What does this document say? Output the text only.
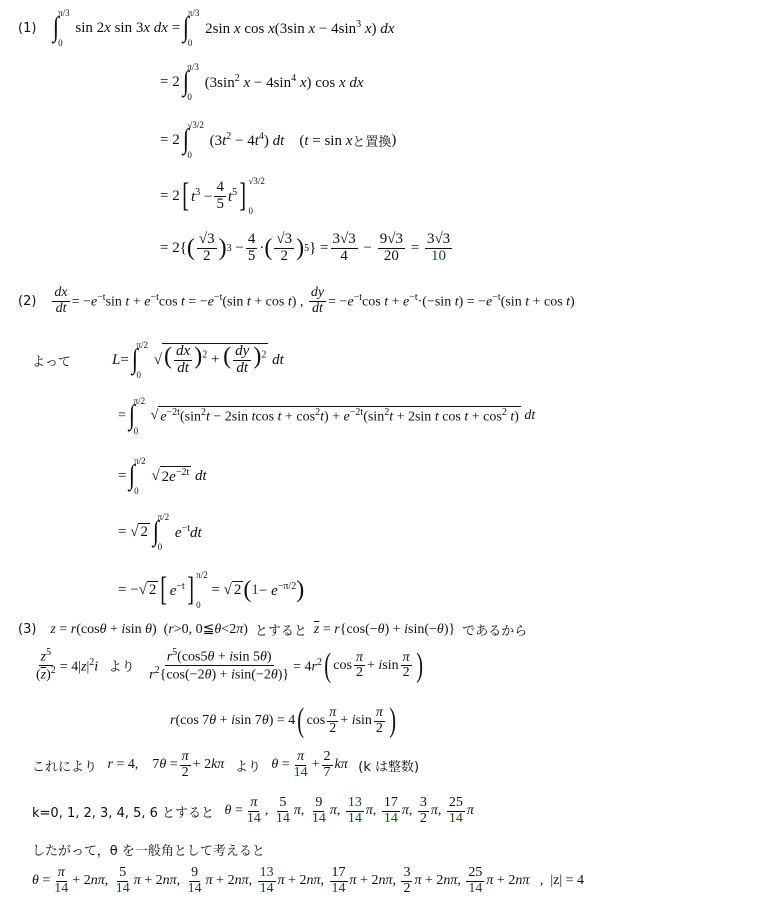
(1) ∫
π/3
0
sin 2x sin 3x dx = ∫
π/3
0
2sin x cos x(3sin $x - 4\sin^3$ x) dx
= 2 ∫
π/3
0
($3\sin^2$ $x - 4\sin^4$ x) cos x dx
= 2 ∫
√3/2
0
$(3t^2 - 4t^4)$ dt    (t = sin x と置換 )
= 2 [ $t^3 - \frac{4}{5} t^5$ ] √3/2
0
= 2{ ( $\frac{√3}{2}$ ) $3 - \frac{4}{5}$ · ( $\frac{√3}{2}$ ) 5 } = $\frac{3√3}{4} - \frac{9√3}{20} = \frac{3√3}{10}$
$(2) \frac{dx}{dt} = -e^{-t}\sin$ $t + e^{-t}\cos$ $t = -e^{-t}(\sin$ t + cos t) , $\frac{dy}{dt} = -e^{-t}\cos$ $t + e^{-t}\cdot(-\sin$ $t) = -e^{-t}(\sin$ t + cos t)
よって	L = ∫
π/2
0
√ ( $\frac{dx}{dt} )^2$ + ( $\frac{dy}{dt} )^2$ dt
= ∫
π/2
0
√ $e^{-2t}(\sin^2t - 2\sin$ tcos $t + \cos^2t) + e^{-2t}(\sin^2t + 2\sin$ t $\cos t + \cos^2 t$) dt
= ∫
π/2
0
√ $2e^{-2t}$ dt
= √ 2 ∫
π/2
0
$e^{-t}dt$
= −√ 2 [ $e^{-t}$ ] π/2
0
= √ 2 ( $1 - e^{-\pi/2}$ )
(3) z = r(cosθ + isin θ)  (r>0, 0≦θ<2π) とすると $\overline{z} = r\{\cos(-\theta) + isin(-\theta)\}$ であるから
$\frac{z^5}{(\overline{z})^2} = 4|z|^2i$ より
$\frac{r^5(\cos 5\theta + isin 5\theta)}{r^2\{\cos(-2\theta) + isin(-2\theta)\}} = 4r^2$ ( $\cos \frac{\pi}{2} + isin \frac{\pi}{2}$ )
r(cos 7θ + isin 7θ) = 4 ( $\cos \frac{\pi}{2} + isin \frac{\pi}{2}$ )
これにより r = 4,    $7\theta = \frac{\pi}{2} + 2k\pi$ より $\theta = \frac{\pi}{14} + \frac{2}{7}$ kπ
(k は整数)
k=0, 1, 2, 3, 4, 5, 6 とすると $\theta = \frac{\pi}{14}$ , $\frac{5}{14}$ π , $\frac{9}{14}$ π , $\frac{13}{14}$ π , $\frac{17}{14}$ π , $\frac{3}{2}$ π , $\frac{25}{14}$ π
したがって，θ を一般角として考えると
$\theta = \frac{\pi}{14} + 2n\pi$, $\frac{5}{14}$ π + 2nπ, $\frac{9}{14}$ π + 2nπ, $\frac{13}{14}$ π + 2nπ, $\frac{17}{14}$ π + 2nπ, $\frac{3}{2}$ π + 2nπ, $\frac{25}{14}$ π + 2nπ   , |z| = 4
